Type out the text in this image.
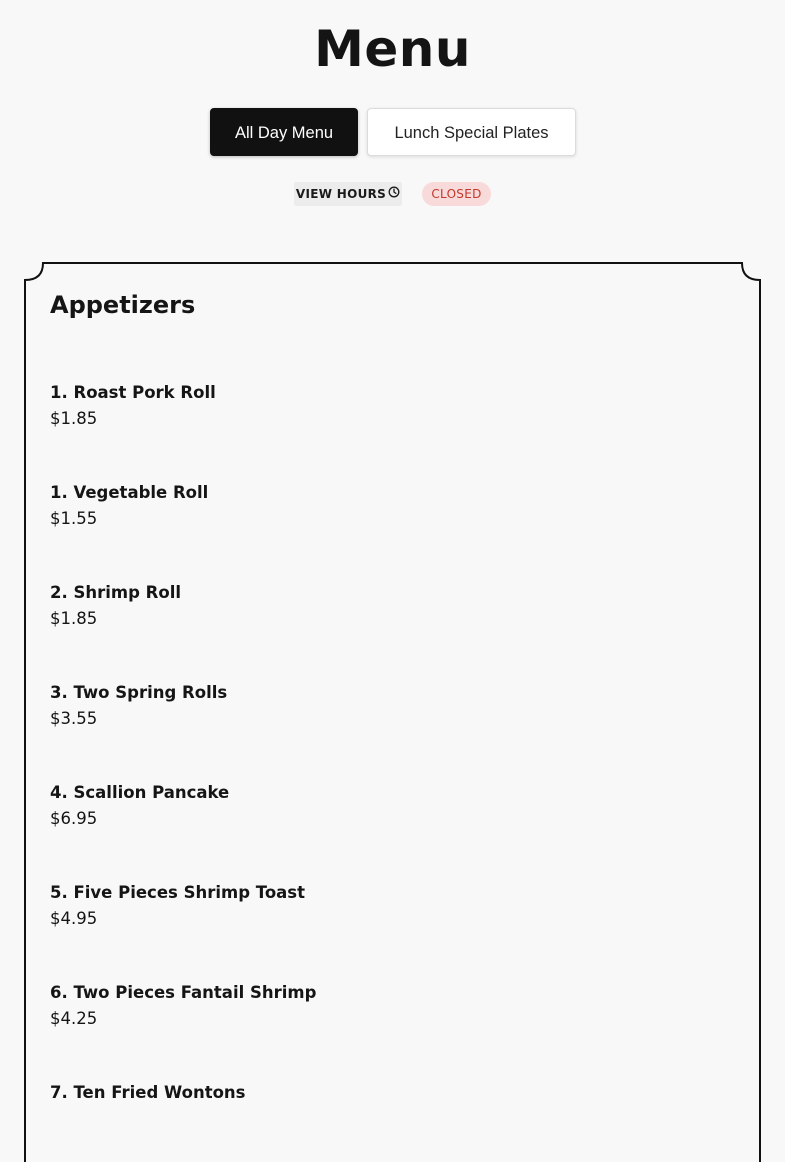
Menu
All Day Menu	Lunch Special Plates
VIEW HOURS	CLOSED
Appetizers
1. Roast Pork Roll
$1.85
1. Vegetable Roll
$1.55
2. Shrimp Roll
$1.85
3. Two Spring Rolls
$3.55
4. Scallion Pancake
$6.95
5. Five Pieces Shrimp Toast
$4.95
6. Two Pieces Fantail Shrimp
$4.25
7. Ten Fried Wontons
